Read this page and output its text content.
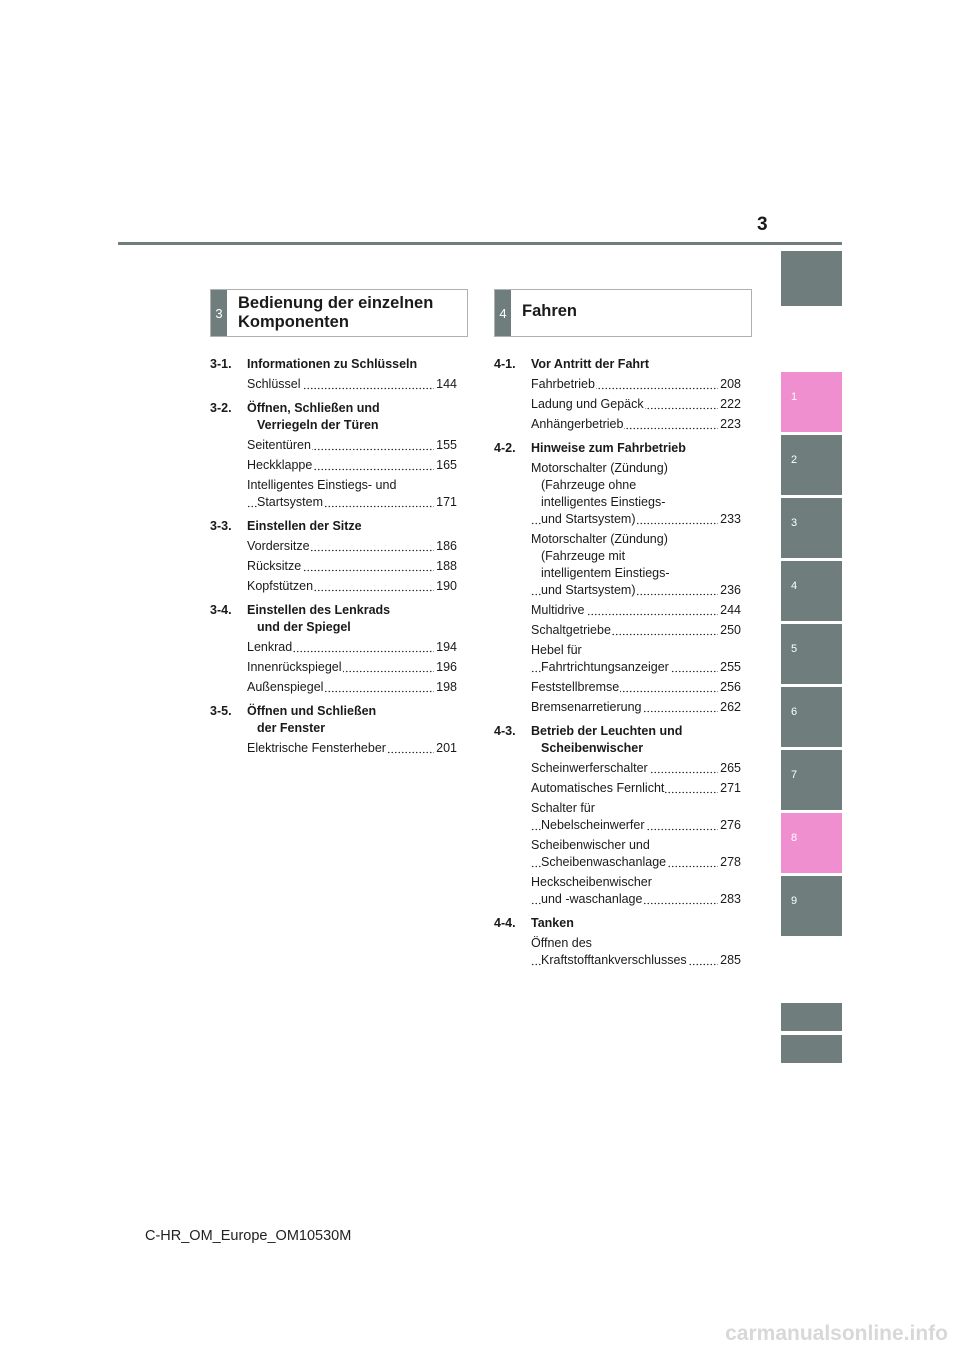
3
1
2
3
4
5
6
7
8
9
3
Bedienung der einzelnen
Komponenten	4 Fahren
3-1. Informationen zu Schlüsseln
Schlüssel	144
3-2. Öffnen, Schließen und
Verriegeln der Türen
Seitentüren	155
Heckklappe	165
Intelligentes Einstiegs- und
Startsystem	171
3-3. Einstellen der Sitze
Vordersitze	186
Rücksitze	188
Kopfstützen	190
3-4. Einstellen des Lenkrads
und der Spiegel
Lenkrad	194
Innenrückspiegel	196
Außenspiegel	198
3-5. Öffnen und Schließen
der Fenster
Elektrische Fensterheber	201
4-1. Vor Antritt der Fahrt
Fahrbetrieb	208
Ladung und Gepäck	222
Anhängerbetrieb	223
4-2. Hinweise zum Fahrbetrieb
Motorschalter (Zündung)
(Fahrzeuge ohne
intelligentes Einstiegs-
und Startsystem)	233
Motorschalter (Zündung)
(Fahrzeuge mit
intelligentem Einstiegs-
und Startsystem)	236
Multidrive	244
Schaltgetriebe	250
Hebel für
Fahrtrichtungsanzeiger	255
Feststellbremse	256
Bremsenarretierung	262
4-3. Betrieb der Leuchten und
Scheibenwischer
Scheinwerferschalter	265
Automatisches Fernlicht	271
Schalter für
Nebelscheinwerfer	276
Scheibenwischer und
Scheibenwaschanlage	278
Heckscheibenwischer
und -waschanlage	283
4-4. Tanken
Öffnen des
Kraftstofftankverschlusses	285
C-HR_OM_Europe_OM10530M
carmanualsonline.info
